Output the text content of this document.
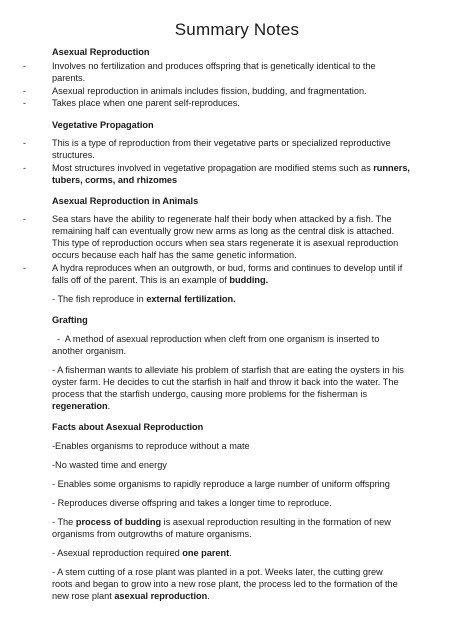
Summary Notes
Asexual Reproduction
-	Involves no fertilization and produces offspring that is genetically identical to the
parents.
-	Asexual reproduction in animals includes fission, budding, and fragmentation.
-	Takes place when one parent self-reproduces.
Vegetative Propagation
-	This is a type of reproduction from their vegetative parts or specialized reproductive
structures.
-	Most structures involved in vegetative propagation are modified stems such as runners,
tubers, corms, and rhizomes
Asexual Reproduction in Animals
-	Sea stars have the ability to regenerate half their body when attacked by a fish. The
remaining half can eventually grow new arms as long as the central disk is attached.
This type of reproduction occurs when sea stars regenerate it is asexual reproduction
occurs because each half has the same genetic information.
-	A hydra reproduces when an outgrowth, or bud, forms and continues to develop until if
falls off of the parent. This is an example of budding.
- The fish reproduce in external fertilization.
Grafting
-  A method of asexual reproduction when cleft from one organism is inserted to
another organism.
- A fisherman wants to alleviate his problem of starfish that are eating the oysters in his
oyster farm. He decides to cut the starfish in half and throw it back into the water. The
process that the starfish undergo, causing more problems for the fisherman is
regeneration.
Facts about Asexual Reproduction
-Enables organisms to reproduce without a mate
-No wasted time and energy
- Enables some organisms to rapidly reproduce a large number of uniform offspring
- Reproduces diverse offspring and takes a longer time to reproduce.
- The process of budding is asexual reproduction resulting in the formation of new
organisms from outgrowths of mature organisms.
- Asexual reproduction required one parent.
- A stem cutting of a rose plant was planted in a pot. Weeks later, the cutting grew
roots and began to grow into a new rose plant, the process led to the formation of the
new rose plant asexual reproduction.
